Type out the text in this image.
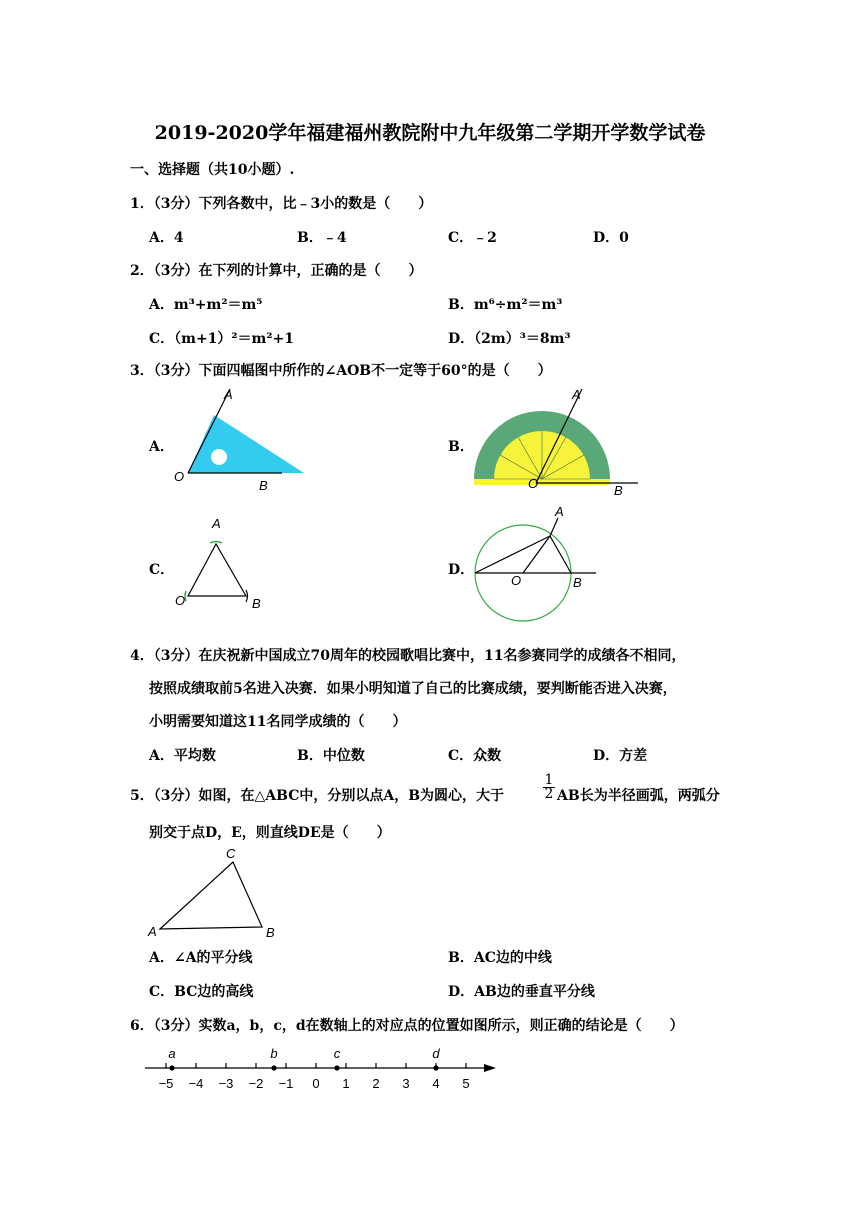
2019-2020学年福建福州教院附中九年级第二学期开学数学试卷
一、选择题（共10小题）.
1．（3分）下列各数中，比﹣3小的数是（　　）
A．4	B．﹣4	C．﹣2	D．0
2．（3分）在下列的计算中，正确的是（　　）
A．m³+m²＝m⁵	B．m⁶÷m²＝m³
C．（m+1）²＝m²+1	D．（2m）³＝8m³
3．（3分）下面四幅图中所作的∠AOB不一定等于60°的是（　　）
A．	B．
C．	D．
A
O
B
A
O	B
A
O	B
A
O	B
4．（3分）在庆祝新中国成立70周年的校园歌唱比赛中，11名参赛同学的成绩各不相同，
按照成绩取前5名进入决赛．如果小明知道了自己的比赛成绩，要判断能否进入决赛，
小明需要知道这11名同学成绩的（　　）
A．平均数	B．中位数	C．众数	D．方差
5．（3分）如图，在△ABC中，分别以点A，B为圆心，大于	$\frac{1}{2}$ AB长为半径画弧，两弧分
别交于点D，E，则直线DE是（　　）
C
A	B
A．∠A的平分线	B．AC边的中线
C．BC边的高线	D．AB边的垂直平分线
6．（3分）实数a，b，c，d在数轴上的对应点的位置如图所示，则正确的结论是（　　）
−5 −4 −3 −2 −1 0 1 2 3 4 5
a	b	c	d
